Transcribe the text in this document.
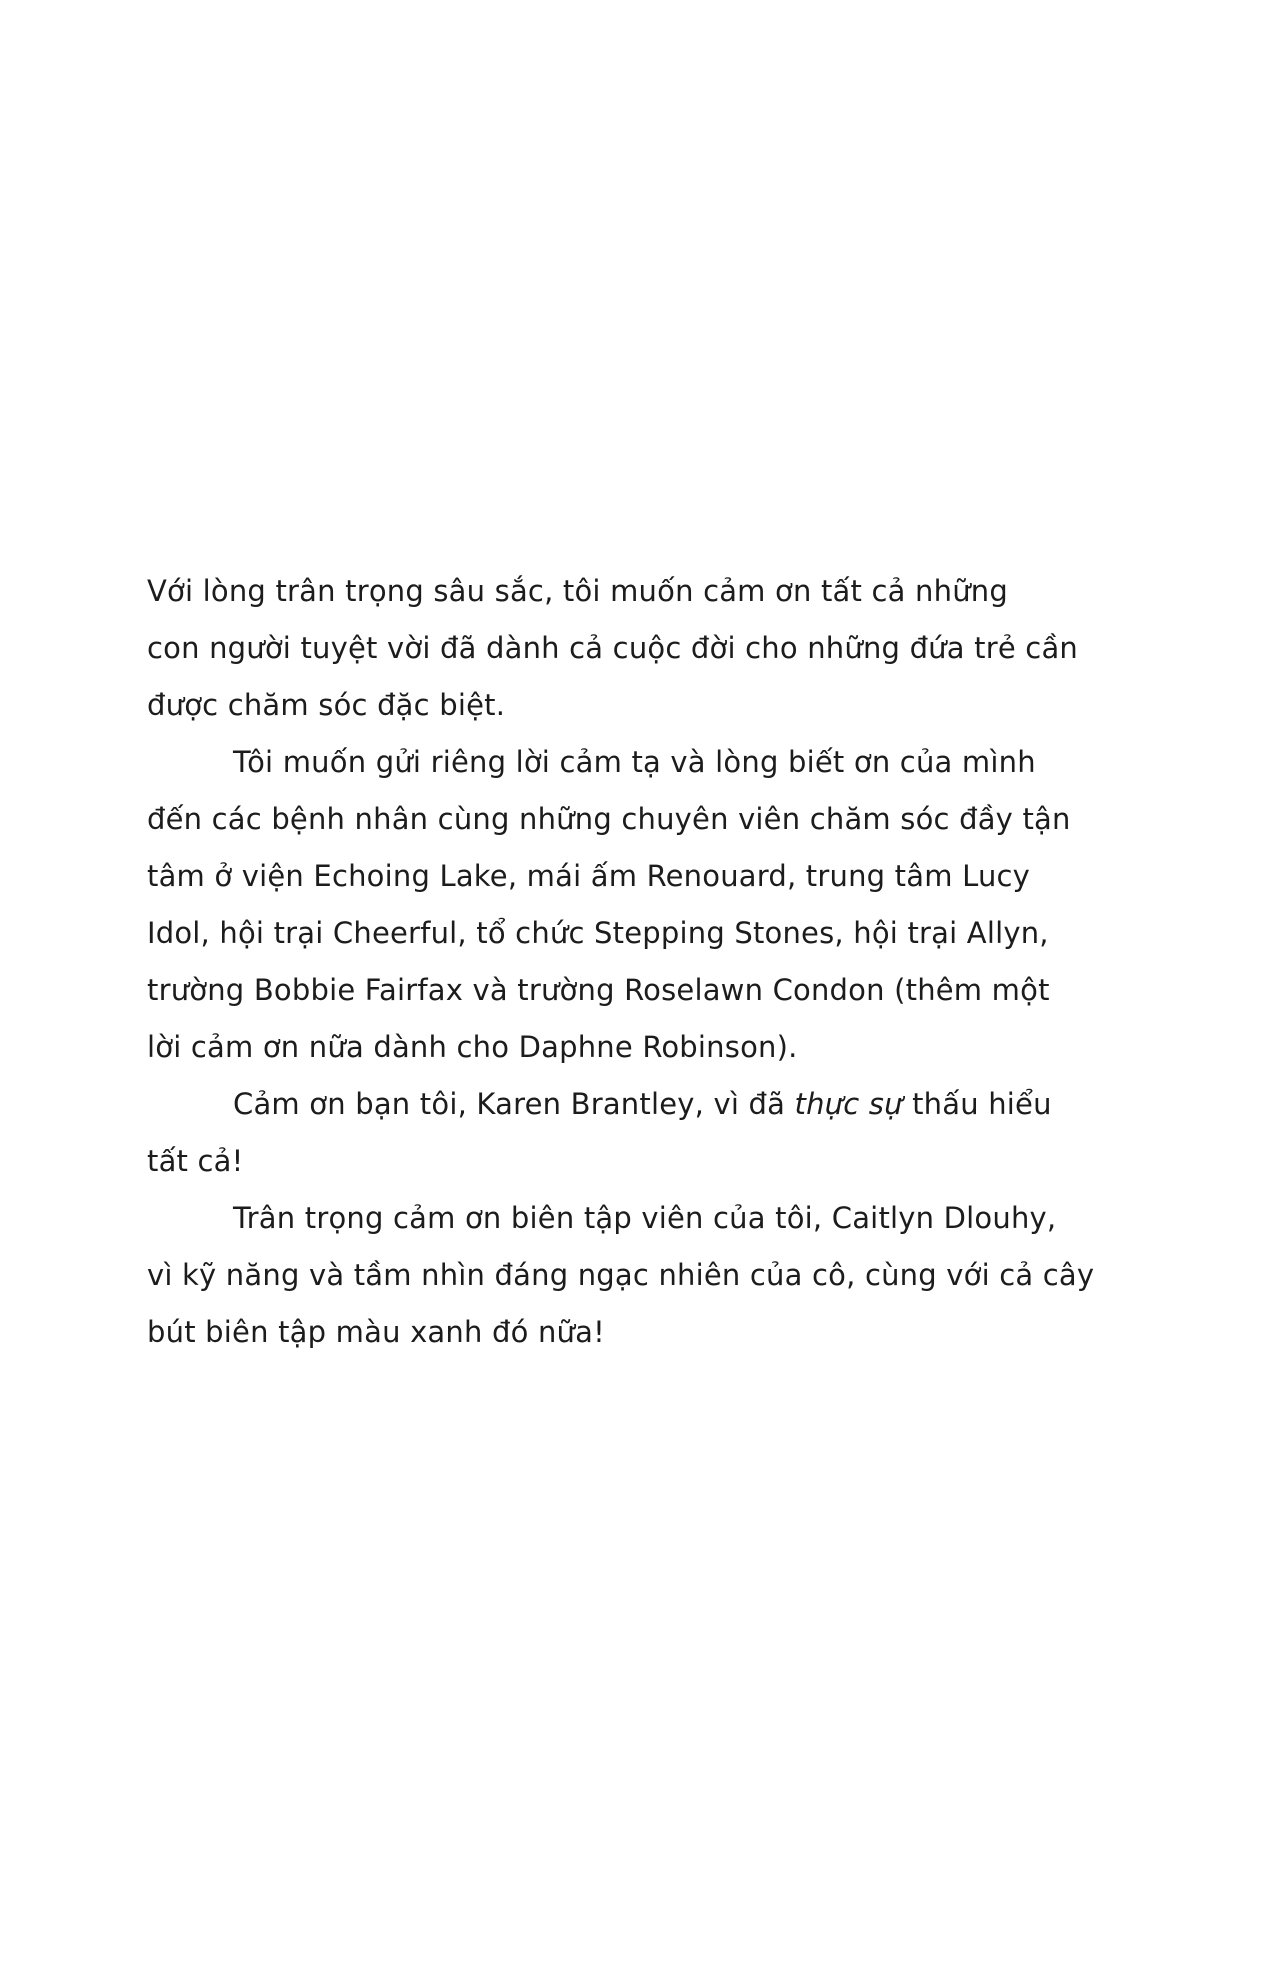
Với lòng trân trọng sâu sắc, tôi muốn cảm ơn tất cả những
con người tuyệt vời đã dành cả cuộc đời cho những đứa trẻ cần
được chăm sóc đặc biệt.

Tôi muốn gửi riêng lời cảm tạ và lòng biết ơn của mình
đến các bệnh nhân cùng những chuyên viên chăm sóc đầy tận
tâm ở viện Echoing Lake, mái ấm Renouard, trung tâm Lucy
Idol, hội trại Cheerful, tổ chức Stepping Stones, hội trại Allyn,
trường Bobbie Fairfax và trường Roselawn Condon (thêm một
lời cảm ơn nữa dành cho Daphne Robinson).

Cảm ơn bạn tôi, Karen Brantley, vì đã thực sự thấu hiểu
tất cả!

Trân trọng cảm ơn biên tập viên của tôi, Caitlyn Dlouhy,
vì kỹ năng và tầm nhìn đáng ngạc nhiên của cô, cùng với cả cây
bút biên tập màu xanh đó nữa!
